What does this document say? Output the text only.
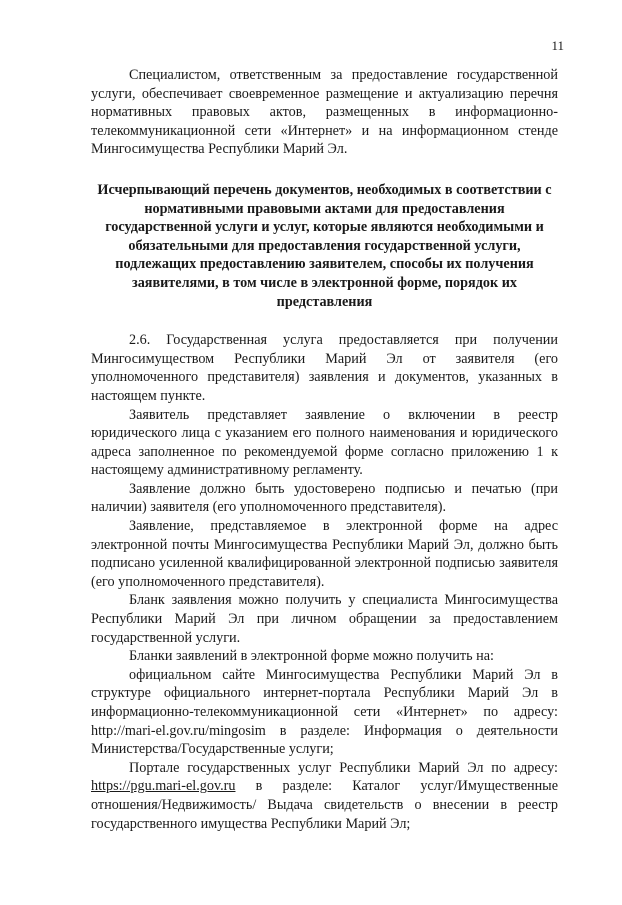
11

Специалистом, ответственным за предоставление государственной услуги, обеспечивает своевременное размещение и актуализацию перечня нормативных правовых актов, размещенных в информационно-телекоммуникационной сети «Интернет» и на информационном стенде Мингосимущества Республики Марий Эл.

Исчерпывающий перечень документов, необходимых в соответствии с нормативными правовыми актами для предоставления государственной услуги и услуг, которые являются необходимыми и обязательными для предоставления государственной услуги, подлежащих предоставлению заявителем, способы их получения заявителями, в том числе в электронной форме, порядок их представления

2.6. Государственная услуга предоставляется при получении Мингосимуществом Республики Марий Эл от заявителя (его уполномоченного представителя) заявления и документов, указанных в настоящем пункте.

Заявитель представляет заявление о включении в реестр юридического лица с указанием его полного наименования и юридического адреса заполненное по рекомендуемой форме согласно приложению 1 к настоящему административному регламенту.

Заявление должно быть удостоверено подписью и печатью (при наличии) заявителя (его уполномоченного представителя).

Заявление, представляемое в электронной форме на адрес электронной почты Мингосимущества Республики Марий Эл, должно быть подписано усиленной квалифицированной электронной подписью заявителя (его уполномоченного представителя).

Бланк заявления можно получить у специалиста Мингосимущества Республики Марий Эл при личном обращении за предоставлением государственной услуги.

Бланки заявлений в электронной форме можно получить на:

официальном сайте Мингосимущества Республики Марий Эл в структуре официального интернет-портала Республики Марий Эл в информационно-телекоммуникационной сети «Интернет» по адресу: http://mari-el.gov.ru/mingosim в разделе: Информация о деятельности Министерства/Государственные услуги;

Портале государственных услуг Республики Марий Эл по адресу: https://pgu.mari-el.gov.ru в разделе: Каталог услуг/Имущественные отношения/Недвижимость/ Выдача свидетельств о внесении в реестр государственного имущества Республики Марий Эл;
